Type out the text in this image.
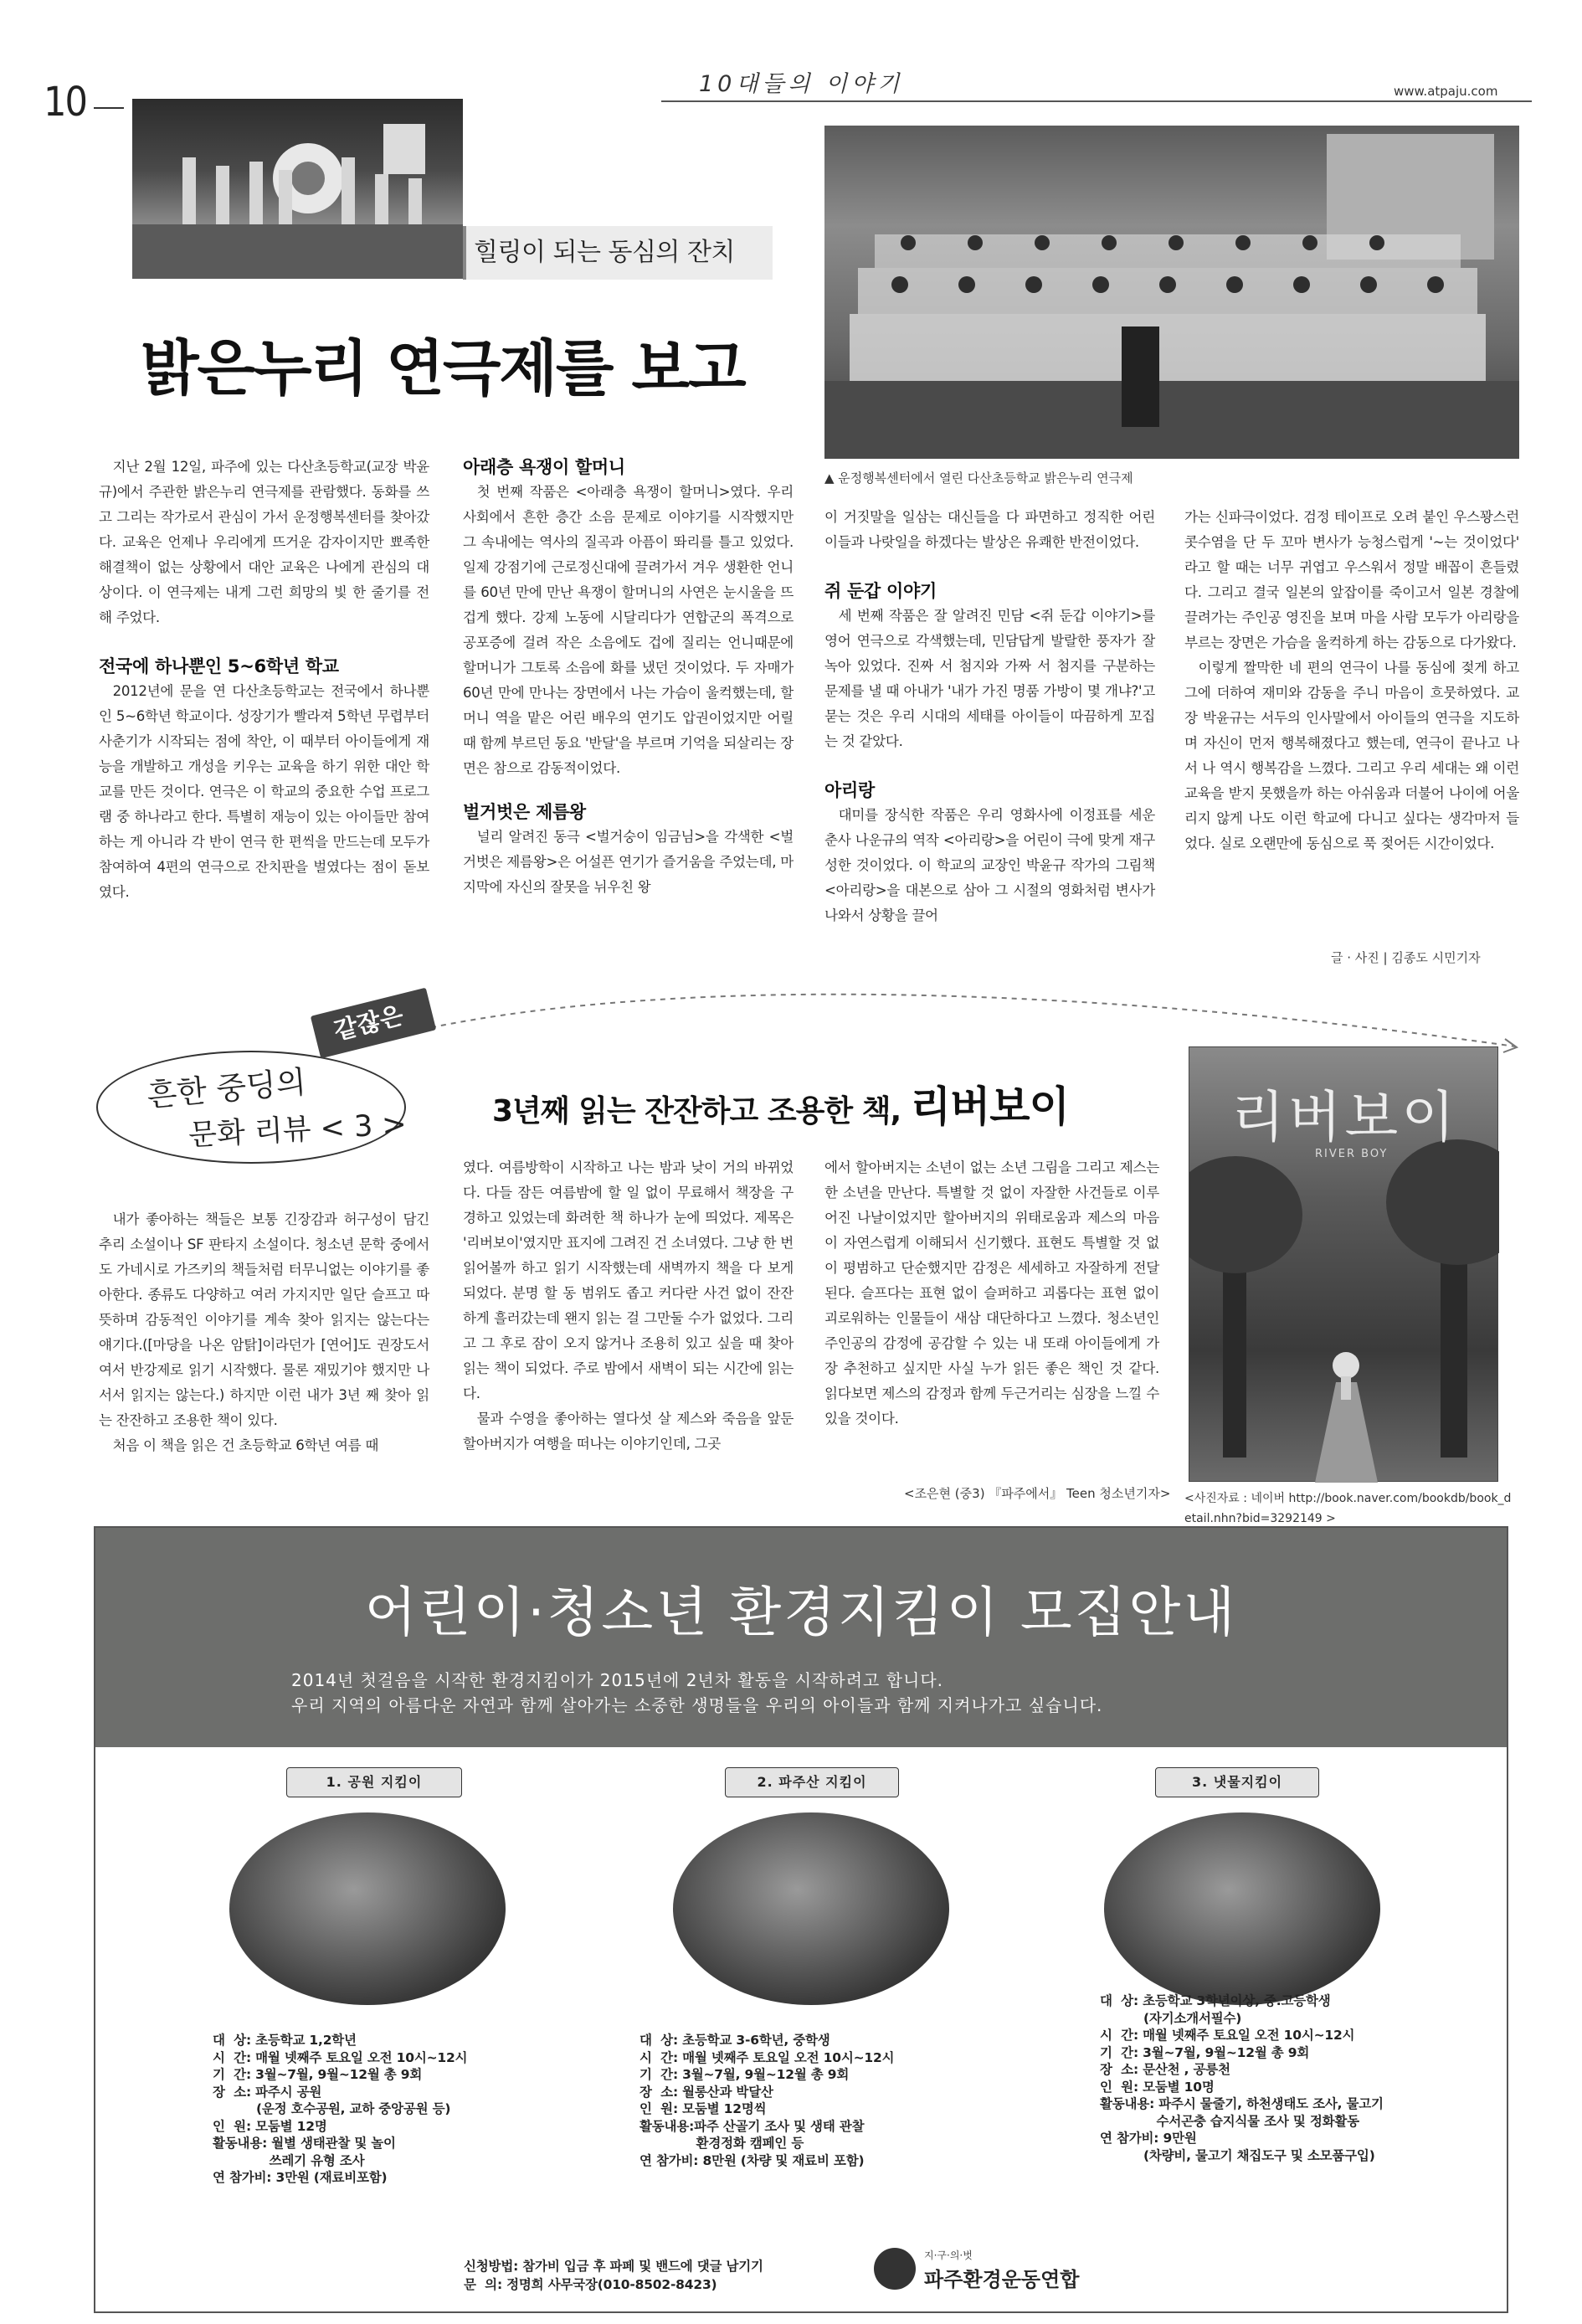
10	10대들의 이야기	www.atpaju.com
힐링이 되는 동심의 잔치
밝은누리 연극제를 보고
▲ 운정행복센터에서 열린 다산초등학교 밝은누리 연극제

지난 2월 12일, 파주에 있는 다산초등학교(교장 박윤규)에서 주관한 밝은누리 연극제를 관람했다. 동화를 쓰고 그리는 작가로서 관심이 가서 운정행복센터를 찾아갔다. 교육은 언제나 우리에게 뜨거운 감자이지만 뾰족한 해결책이 없는 상황에서 대안 교육은 나에게 관심의 대상이다. 이 연극제는 내게 그런 희망의 빛 한 줄기를 전해 주었다.

전국에 하나뿐인 5~6학년 학교

2012년에 문을 연 다산초등학교는 전국에서 하나뿐인 5~6학년 학교이다. 성장기가 빨라져 5학년 무렵부터 사춘기가 시작되는 점에 착안, 이 때부터 아이들에게 재능을 개발하고 개성을 키우는 교육을 하기 위한 대안 학교를 만든 것이다. 연극은 이 학교의 중요한 수업 프로그램 중 하나라고 한다. 특별히 재능이 있는 아이들만 참여하는 게 아니라 각 반이 연극 한 편씩을 만드는데 모두가 참여하여 4편의 연극으로 잔치판을 벌였다는 점이 돋보였다.

아래층 욕쟁이 할머니

첫 번째 작품은 <아래층 욕쟁이 할머니>였다. 우리 사회에서 흔한 층간 소음 문제로 이야기를 시작했지만 그 속내에는 역사의 질곡과 아픔이 똬리를 틀고 있었다. 일제 강점기에 근로정신대에 끌려가서 겨우 생환한 언니를 60년 만에 만난 욕쟁이 할머니의 사연은 눈시울을 뜨겁게 했다. 강제 노동에 시달리다가 연합군의 폭격으로 공포증에 걸려 작은 소음에도 겁에 질리는 언니때문에 할머니가 그토록 소음에 화를 냈던 것이었다. 두 자매가 60년 만에 만나는 장면에서 나는 가슴이 울컥했는데, 할머니 역을 맡은 어린 배우의 연기도 압권이었지만 어릴 때 함께 부르던 동요 '반달'을 부르며 기억을 되살리는 장면은 참으로 감동적이었다.

벌거벗은 제름왕

널리 알려진 동극 <벌거숭이 임금님>을 각색한 <벌거벗은 제름왕>은 어설픈 연기가 즐거움을 주었는데, 마지막에 자신의 잘못을 뉘우친 왕

이 거짓말을 일삼는 대신들을 다 파면하고 정직한 어린이들과 나랏일을 하겠다는 발상은 유쾌한 반전이었다.

쥐 둔갑 이야기

세 번째 작품은 잘 알려진 민담 <쥐 둔갑 이야기>를 영어 연극으로 각색했는데, 민담답게 발랄한 풍자가 잘 녹아 있었다. 진짜 서 첨지와 가짜 서 첨지를 구분하는 문제를 낼 때 아내가 '내가 가진 명품 가방이 몇 개냐?'고 묻는 것은 우리 시대의 세태를 아이들이 따끔하게 꼬집는 것 같았다.

아리랑

대미를 장식한 작품은 우리 영화사에 이정표를 세운 춘사 나운규의 역작 <아리랑>을 어린이 극에 맞게 재구성한 것이었다. 이 학교의 교장인 박윤규 작가의 그림책 <아리랑>을 대본으로 삼아 그 시절의 영화처럼 변사가 나와서 상황을 끌어

가는 신파극이었다. 검정 테이프로 오려 붙인 우스꽝스런 콧수염을 단 두 꼬마 변사가 능청스럽게 '~는 것이었다' 라고 할 때는 너무 귀엽고 우스워서 정말 배꼽이 흔들렸다. 그리고 결국 일본의 앞잡이를 죽이고서 일본 경찰에 끌려가는 주인공 영진을 보며 마을 사람 모두가 아리랑을 부르는 장면은 가슴을 울컥하게 하는 감동으로 다가왔다.

이렇게 짤막한 네 편의 연극이 나를 동심에 젖게 하고 그에 더하여 재미와 감동을 주니 마음이 흐뭇하였다. 교장 박윤규는 서두의 인사말에서 아이들의 연극을 지도하며 자신이 먼저 행복해졌다고 했는데, 연극이 끝나고 나서 나 역시 행복감을 느꼈다. 그리고 우리 세대는 왜 이런 교육을 받지 못했을까 하는 아쉬움과 더불어 나이에 어울리지 않게 나도 이런 학교에 다니고 싶다는 생각마저 들었다. 실로 오랜만에 동심으로 푹 젖어든 시간이었다.

글 · 사진 | 김종도 시민기자
같잖은
흔한 중딩의
문화 리뷰 < 3 >	3년째 읽는 잔잔하고 조용한 책, 리버보이

내가 좋아하는 책들은 보통 긴장감과 허구성이 담긴 추리 소설이나 SF 판타지 소설이다. 청소년 문학 중에서도 가네시로 가즈키의 책들처럼 터무니없는 이야기를 좋아한다. 종류도 다양하고 여러 가지지만 일단 슬프고 따뜻하며 감동적인 이야기를 계속 찾아 읽지는 않는다는 얘기다.([마당을 나온 암탉]이라던가 [연어]도 권장도서여서 반강제로 읽기 시작했다. 물론 재밌기야 했지만 나서서 읽지는 않는다.) 하지만 이런 내가 3년 째 찾아 읽는 잔잔하고 조용한 책이 있다.

처음 이 책을 읽은 건 초등학교 6학년 여름 때

였다. 여름방학이 시작하고 나는 밤과 낮이 거의 바뀌었다. 다들 잠든 여름밤에 할 일 없이 무료해서 책장을 구경하고 있었는데 화려한 책 하나가 눈에 띄었다. 제목은 '리버보이'였지만 표지에 그려진 건 소녀였다. 그냥 한 번 읽어볼까 하고 읽기 시작했는데 새벽까지 책을 다 보게 되었다. 분명 할 동 범위도 좁고 커다란 사건 없이 잔잔하게 흘러갔는데 왠지 읽는 걸 그만둘 수가 없었다. 그리고 그 후로 잠이 오지 않거나 조용히 있고 싶을 때 찾아 읽는 책이 되었다. 주로 밤에서 새벽이 되는 시간에 읽는다.

물과 수영을 좋아하는 열다섯 살 제스와 죽음을 앞둔 할아버지가 여행을 떠나는 이야기인데, 그곳

에서 할아버지는 소년이 없는 소년 그림을 그리고 제스는 한 소년을 만난다. 특별할 것 없이 자잘한 사건들로 이루어진 나날이었지만 할아버지의 위태로움과 제스의 마음이 자연스럽게 이해되서 신기했다. 표현도 특별할 것 없이 평범하고 단순했지만 감정은 세세하고 자잘하게 전달된다. 슬프다는 표현 없이 슬퍼하고 괴롭다는 표현 없이 괴로워하는 인물들이 새삼 대단하다고 느꼈다. 청소년인 주인공의 감정에 공감할 수 있는 내 또래 아이들에게 가장 추천하고 싶지만 사실 누가 읽든 좋은 책인 것 같다. 읽다보면 제스의 감정과 함께 두근거리는 심장을 느낄 수 있을 것이다.

<조은현 (중3) 『파주에서』 Teen 청소년기자>
리버보이
RIVER BOY
<사진자료 : 네이버 http://book.naver.com/bookdb/book_detail.nhn?bid=3292149 >
어린이·청소년 환경지킴이 모집안내
2014년 첫걸음을 시작한 환경지킴이가 2015년에 2년차 활동을 시작하려고 합니다.
우리 지역의 아름다운 자연과 함께 살아가는 소중한 생명들을 우리의 아이들과 함께 지켜나가고 싶습니다.
1. 공원 지킴이	2. 파주산 지킴이	3. 냇물지킴이
대  상: 초등학교 1,2학년
시  간: 매월 넷째주 토요일 오전 10시~12시
기  간: 3월~7월, 9월~12월 총 9회
장  소: 파주시 공원
(운정 호수공원, 교하 중앙공원 등)
인  원: 모둠별 12명
활동내용: 월별 생태관찰 및 놀이
쓰레기 유형 조사
연 참가비: 3만원 (재료비포함)
대  상: 초등학교 3-6학년, 중학생
시  간: 매월 넷째주 토요일 오전 10시~12시
기  간: 3월~7월, 9월~12월 총 9회
장  소: 월롱산과 박달산
인  원: 모둠별 12명씩
활동내용:파주 산골기 조사 및 생태 관찰
환경정화 캠페인 등
연 참가비: 8만원 (차량 및 재료비 포함)
대  상: 초등학교 3학년이상, 중.고등학생
(자기소개서필수)
시  간: 매월 넷째주 토요일 오전 10시~12시
기  간: 3월~7월, 9월~12월 총 9회
장  소: 문산천 , 공릉천
인  원: 모둠별 10명
활동내용: 파주시 물줄기, 하천생태도 조사, 물고기
수서곤충 습지식물 조사 및 정화활동
연 참가비: 9만원
(차량비, 물고기 채집도구 및 소모품구입)
신청방법: 참가비 입금 후 파페 및 밴드에 댓글 남기기
문  의: 정명희 사무국장(010-8502-8423)
지·구·의·벗
파주환경운동연합
